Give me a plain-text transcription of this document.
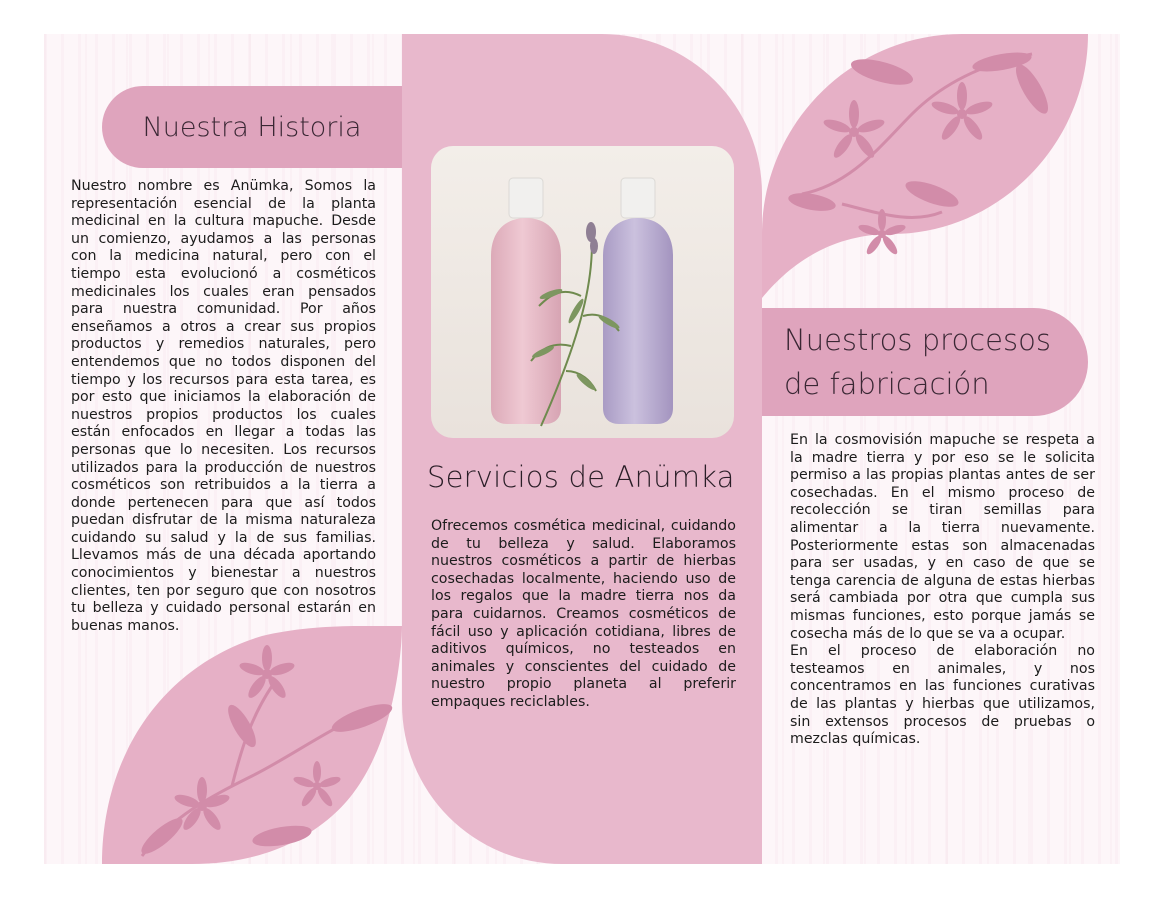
Nuestra Historia
Nuestros procesos
de fabricación
Nuestro nombre es Anümka, Somos la representación esencial de la planta medicinal en la cultura mapuche. Desde un comienzo, ayudamos a las personas con la medicina natural, pero con el tiempo esta evolucionó a cosméticos medicinales los cuales eran pensados para nuestra comunidad. Por años enseñamos a otros a crear sus propios productos y remedios naturales, pero entendemos que no todos disponen del tiempo y los recursos para esta tarea, es por esto que iniciamos la elaboración de nuestros propios productos los cuales están enfocados en llegar a todas las personas que lo necesiten. Los recursos utilizados para la producción de nuestros cosméticos son retribuidos a la tierra a donde pertenecen para que así todos puedan disfrutar de la misma naturaleza cuidando su salud y la de sus familias. Llevamos más de una década aportando conocimientos y bienestar a nuestros clientes, ten por seguro que con nosotros tu belleza y cuidado personal estarán en buenas manos.
Servicios de Anümka
Ofrecemos cosmética medicinal, cuidando de tu belleza y salud. Elaboramos nuestros cosméticos a partir de hierbas cosechadas localmente, haciendo uso de los regalos que la madre tierra nos da para cuidarnos. Creamos cosméticos de fácil uso y aplicación cotidiana, libres de aditivos químicos, no testeados en animales y conscientes del cuidado de nuestro propio planeta al preferir empaques reciclables.

En la cosmovisión mapuche se respeta a la madre tierra y por eso se le solicita permiso a las propias plantas antes de ser cosechadas. En el mismo proceso de recolección se tiran semillas para alimentar a la tierra nuevamente. Posteriormente estas son almacenadas para ser usadas, y en caso de que se tenga carencia de alguna de estas hierbas será cambiada por otra que cumpla sus mismas funciones, esto porque jamás se cosecha más de lo que se va a ocupar.

En el proceso de elaboración no testeamos en animales, y nos concentramos en las funciones curativas de las plantas y hierbas que utilizamos, sin extensos procesos de pruebas o mezclas químicas.
